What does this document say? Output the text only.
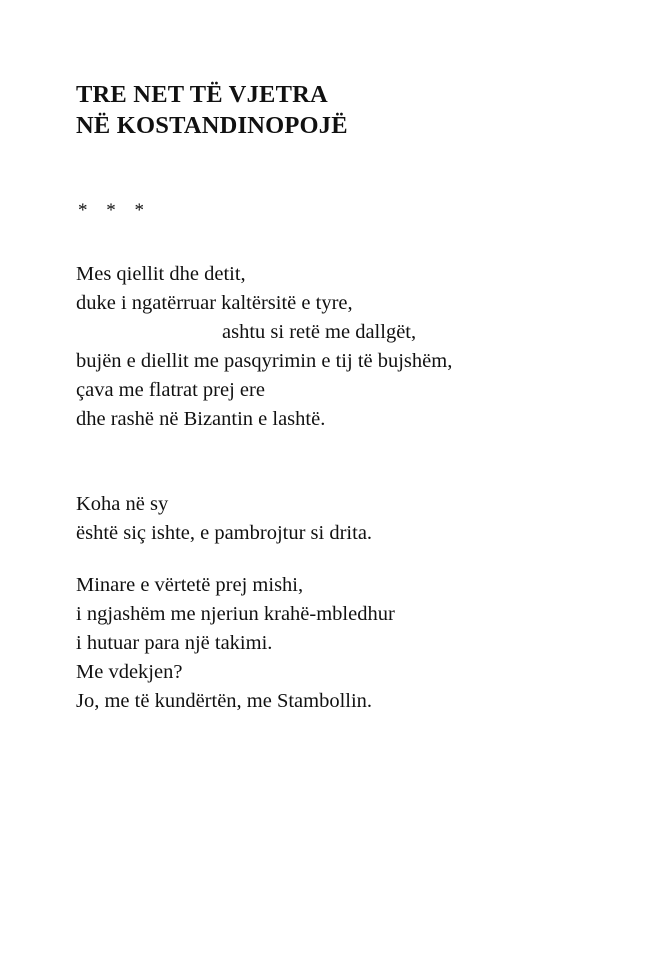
TRE NET TË VJETRA
NË KOSTANDINOPOJË
* * *

Mes qiellit dhe detit,
duke i ngatërruar kaltërsitë e tyre,
ashtu si retë me dallgët,
bujën e diellit me pasqyrimin e tij të bujshëm,
çava me flatrat prej ere
dhe rashë në Bizantin e lashtë.

Koha në sy
është siç ishte, e pambrojtur si drita.

Minare e vërtetë prej mishi,
i ngjashëm me njeriun krahë-mbledhur
i hutuar para një takimi.
Me vdekjen?
Jo, me të kundërtën, me Stambollin.
